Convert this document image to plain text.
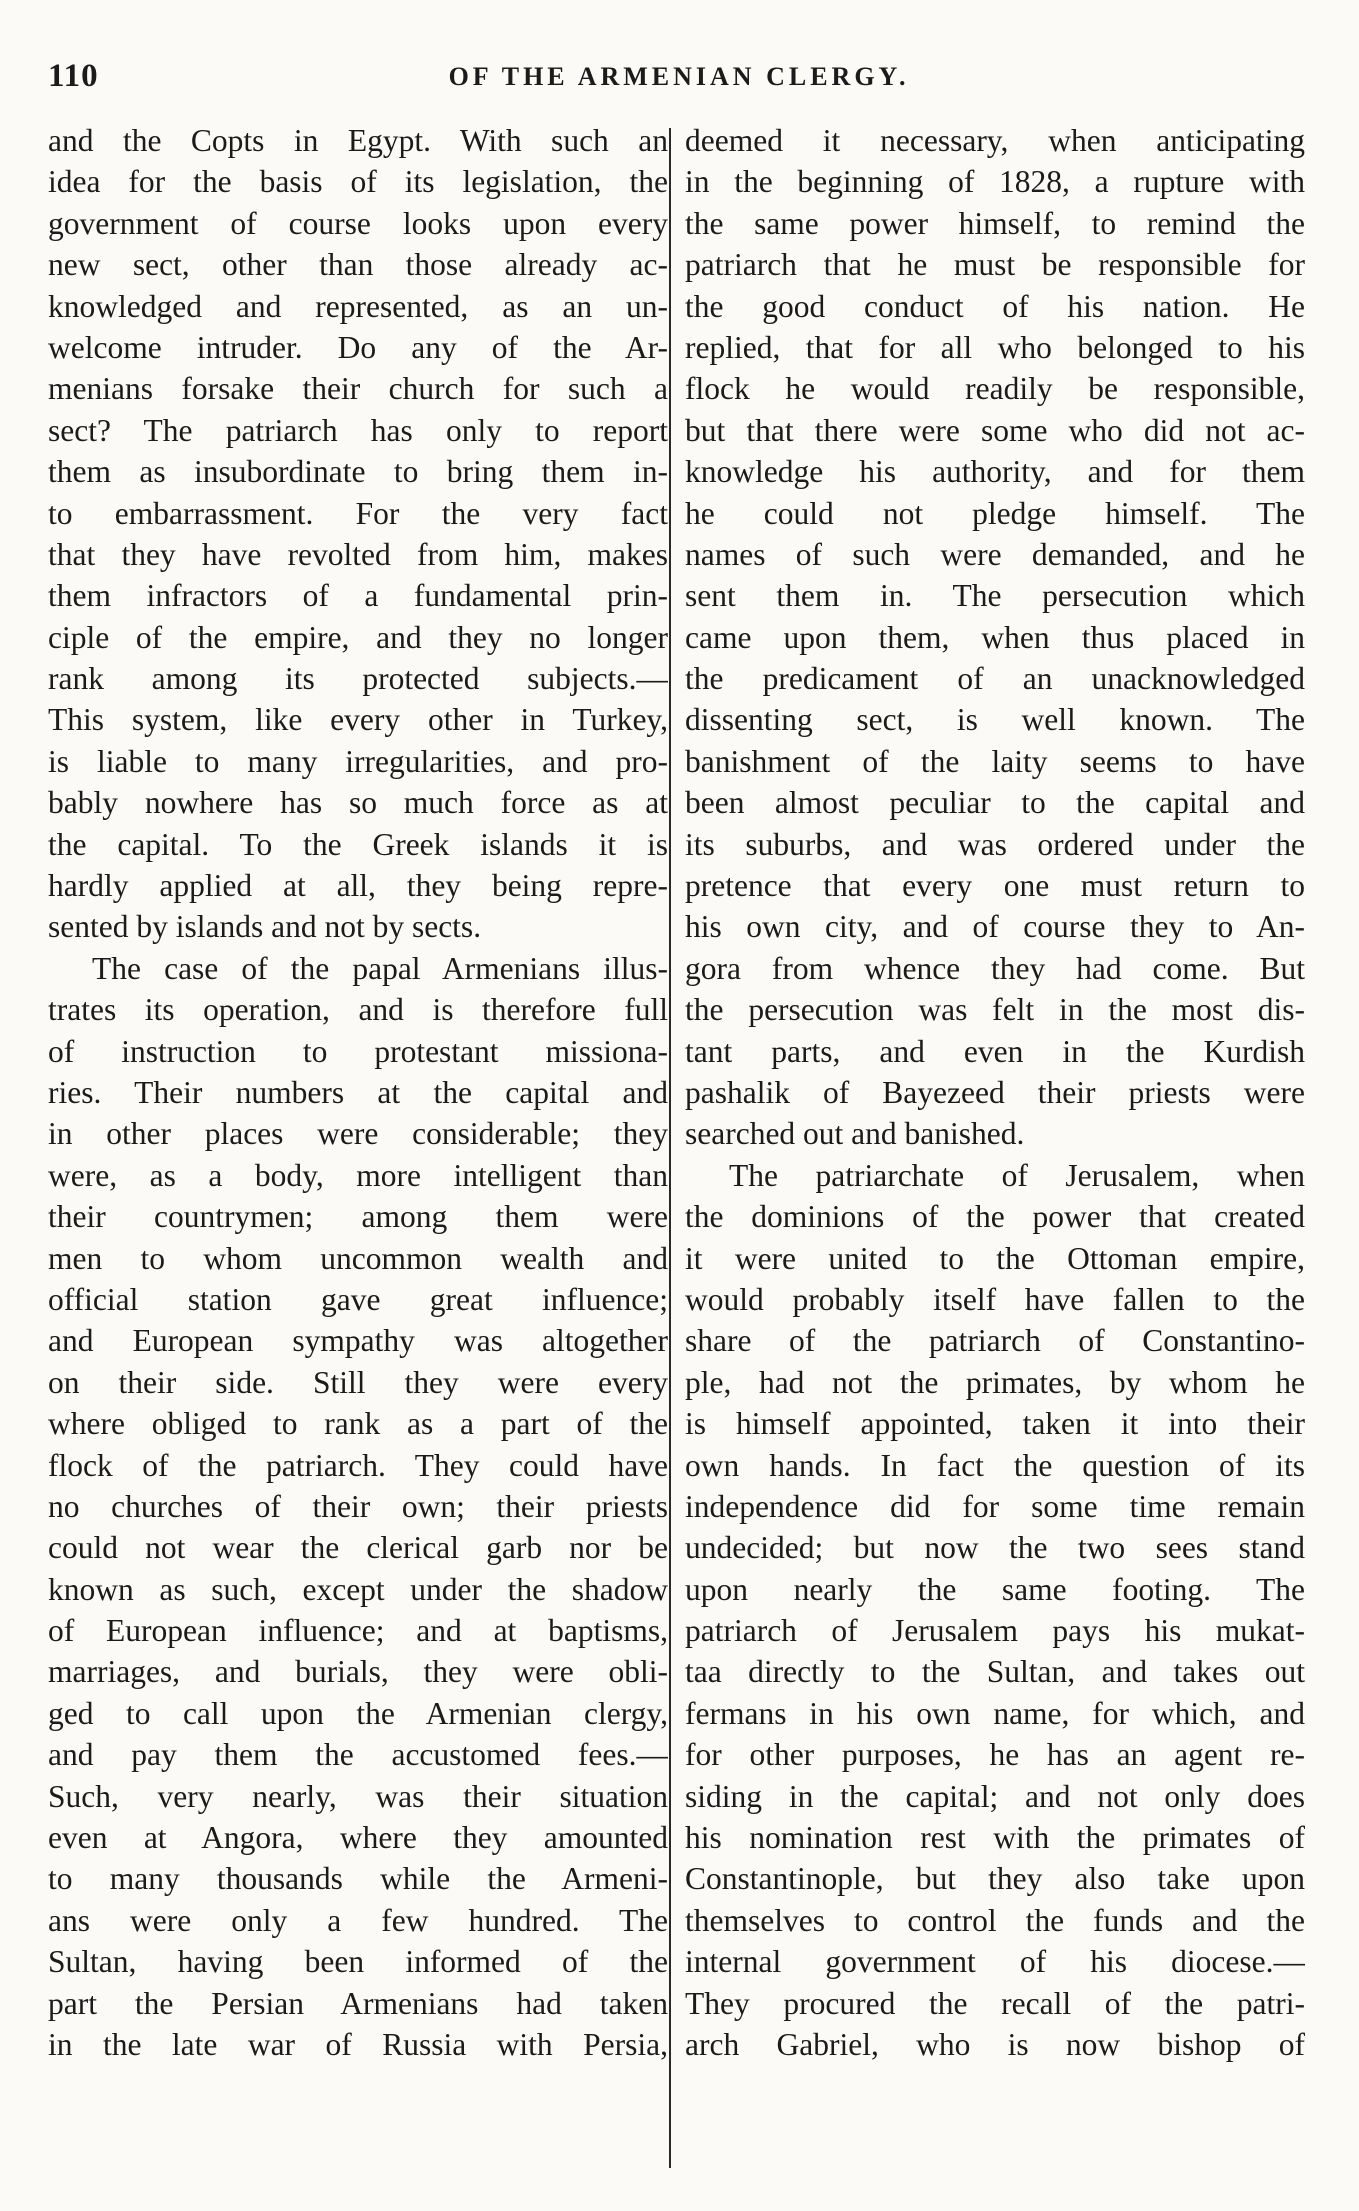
110	OF THE ARMENIAN CLERGY.
and the Copts in Egypt. With such an
idea for the basis of its legislation, the
government of course looks upon every
new sect, other than those already ac-
knowledged and represented, as an un-
welcome intruder. Do any of the Ar-
menians forsake their church for such a
sect? The patriarch has only to report
them as insubordinate to bring them in-
to embarrassment. For the very fact
that they have revolted from him, makes
them infractors of a fundamental prin-
ciple of the empire, and they no longer
rank among its protected subjects.—
This system, like every other in Turkey,
is liable to many irregularities, and pro-
bably nowhere has so much force as at
the capital. To the Greek islands it is
hardly applied at all, they being repre-
sented by islands and not by sects.
The case of the papal Armenians illus-
trates its operation, and is therefore full
of instruction to protestant missiona-
ries. Their numbers at the capital and
in other places were considerable; they
were, as a body, more intelligent than
their countrymen; among them were
men to whom uncommon wealth and
official station gave great influence;
and European sympathy was altogether
on their side. Still they were every
where obliged to rank as a part of the
flock of the patriarch. They could have
no churches of their own; their priests
could not wear the clerical garb nor be
known as such, except under the shadow
of European influence; and at baptisms,
marriages, and burials, they were obli-
ged to call upon the Armenian clergy,
and pay them the accustomed fees.—
Such, very nearly, was their situation
even at Angora, where they amounted
to many thousands while the Armeni-
ans were only a few hundred. The
Sultan, having been informed of the
part the Persian Armenians had taken
in the late war of Russia with Persia,
deemed it necessary, when anticipating
in the beginning of 1828, a rupture with
the same power himself, to remind the
patriarch that he must be responsible for
the good conduct of his nation. He
replied, that for all who belonged to his
flock he would readily be responsible,
but that there were some who did not ac-
knowledge his authority, and for them
he could not pledge himself. The
names of such were demanded, and he
sent them in. The persecution which
came upon them, when thus placed in
the predicament of an unacknowledged
dissenting sect, is well known. The
banishment of the laity seems to have
been almost peculiar to the capital and
its suburbs, and was ordered under the
pretence that every one must return to
his own city, and of course they to An-
gora from whence they had come. But
the persecution was felt in the most dis-
tant parts, and even in the Kurdish
pashalik of Bayezeed their priests were
searched out and banished.
The patriarchate of Jerusalem, when
the dominions of the power that created
it were united to the Ottoman empire,
would probably itself have fallen to the
share of the patriarch of Constantino-
ple, had not the primates, by whom he
is himself appointed, taken it into their
own hands. In fact the question of its
independence did for some time remain
undecided; but now the two sees stand
upon nearly the same footing. The
patriarch of Jerusalem pays his mukat-
taa directly to the Sultan, and takes out
fermans in his own name, for which, and
for other purposes, he has an agent re-
siding in the capital; and not only does
his nomination rest with the primates of
Constantinople, but they also take upon
themselves to control the funds and the
internal government of his diocese.—
They procured the recall of the patri-
arch Gabriel, who is now bishop of
